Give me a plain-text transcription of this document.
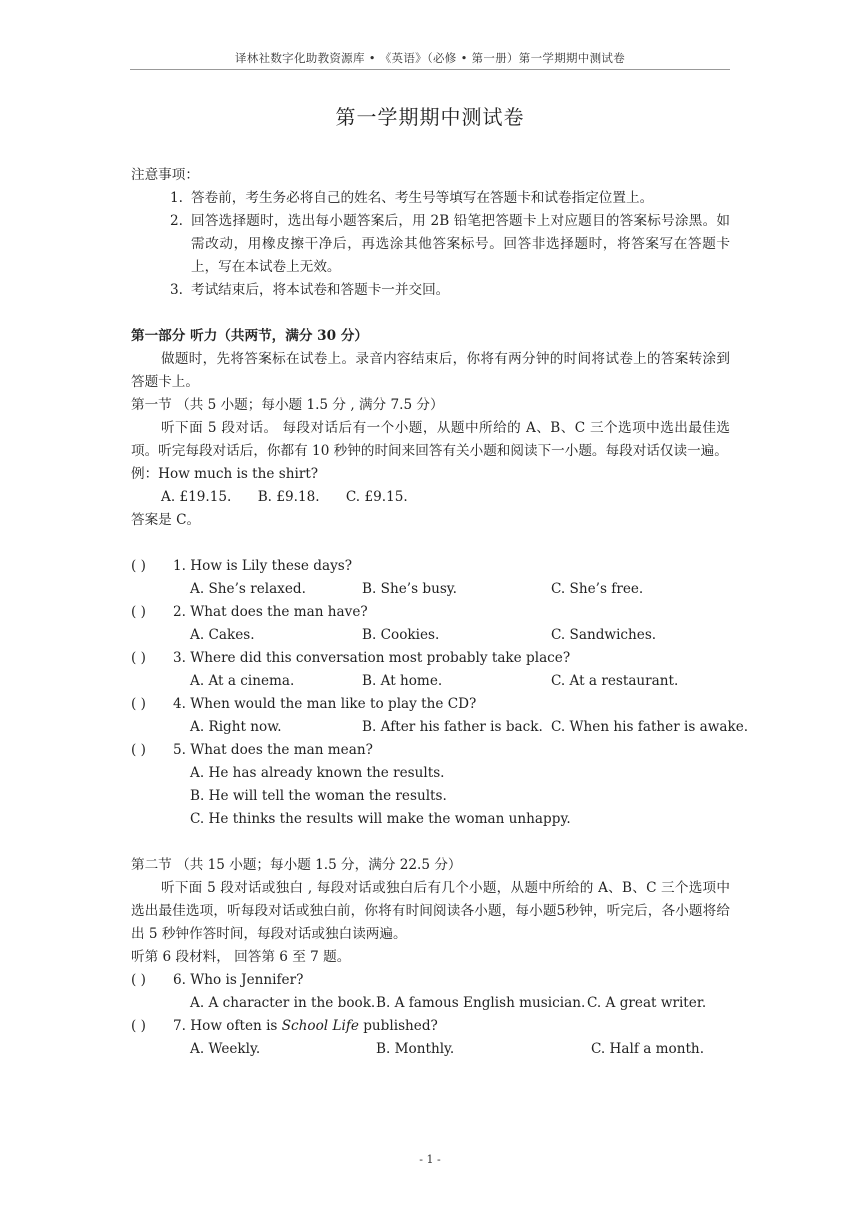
译林社数字化助教资源库 • 《英语》（必修 • 第一册）第一学期期中测试卷
第一学期期中测试卷
注意事项：
1. 答卷前，考生务必将自己的姓名、考生号等填写在答题卡和试卷指定位置上。
2. 回答选择题时，选出每小题答案后，用 2B 铅笔把答题卡上对应题目的答案标号涂黑。如需改动，用橡皮擦干净后，再选涂其他答案标号。回答非选择题时，将答案写在答题卡上，写在本试卷上无效。
3. 考试结束后，将本试卷和答题卡一并交回。
第一部分 听力（共两节，满分 30 分）
做题时，先将答案标在试卷上。录音内容结束后，你将有两分钟的时间将试卷上的答案转涂到答题卡上。
第一节 （共 5 小题；每小题 1.5 分 , 满分 7.5 分）
听下面 5 段对话。 每段对话后有一个小题，从题中所给的 A、B、C 三个选项中选出最佳选项。听完每段对话后，你都有 10 秒钟的时间来回答有关小题和阅读下一小题。每段对话仅读一遍。
例：How much is the shirt?
A. £19.15. B. £9.18. C. £9.15.
答案是 C。
( )	1. How is Lily these days?
A. She’s relaxed.	B. She’s busy.	C. She’s free.
( )	2. What does the man have?
A. Cakes.	B. Cookies.	C. Sandwiches.
( )	3. Where did this conversation most probably take place?
A. At a cinema.	B. At home.	C. At a restaurant.
( )	4. When would the man like to play the CD?
A. Right now.	B. After his father is back. C. When his father is awake.
( )	5. What does the man mean?
A. He has already known the results.
B. He will tell the woman the results.
C. He thinks the results will make the woman unhappy.
第二节 （共 15 小题；每小题 1.5 分，满分 22.5 分）
听下面 5 段对话或独白 , 每段对话或独白后有几个小题，从题中所给的 A、B、C 三个选项中选出最佳选项，听每段对话或独白前，你将有时间阅读各小题，每小题5秒钟，听完后，各小题将给出 5 秒钟作答时间，每段对话或独白读两遍。
听第 6 段材料， 回答第 6 至 7 题。
( )	6. Who is Jennifer?
A. A character in the book. B. A famous English musician. C. A great writer.
( )	7. How often is School Life published?
A. Weekly.	B. Monthly.	C. Half a month.
- 1 -
